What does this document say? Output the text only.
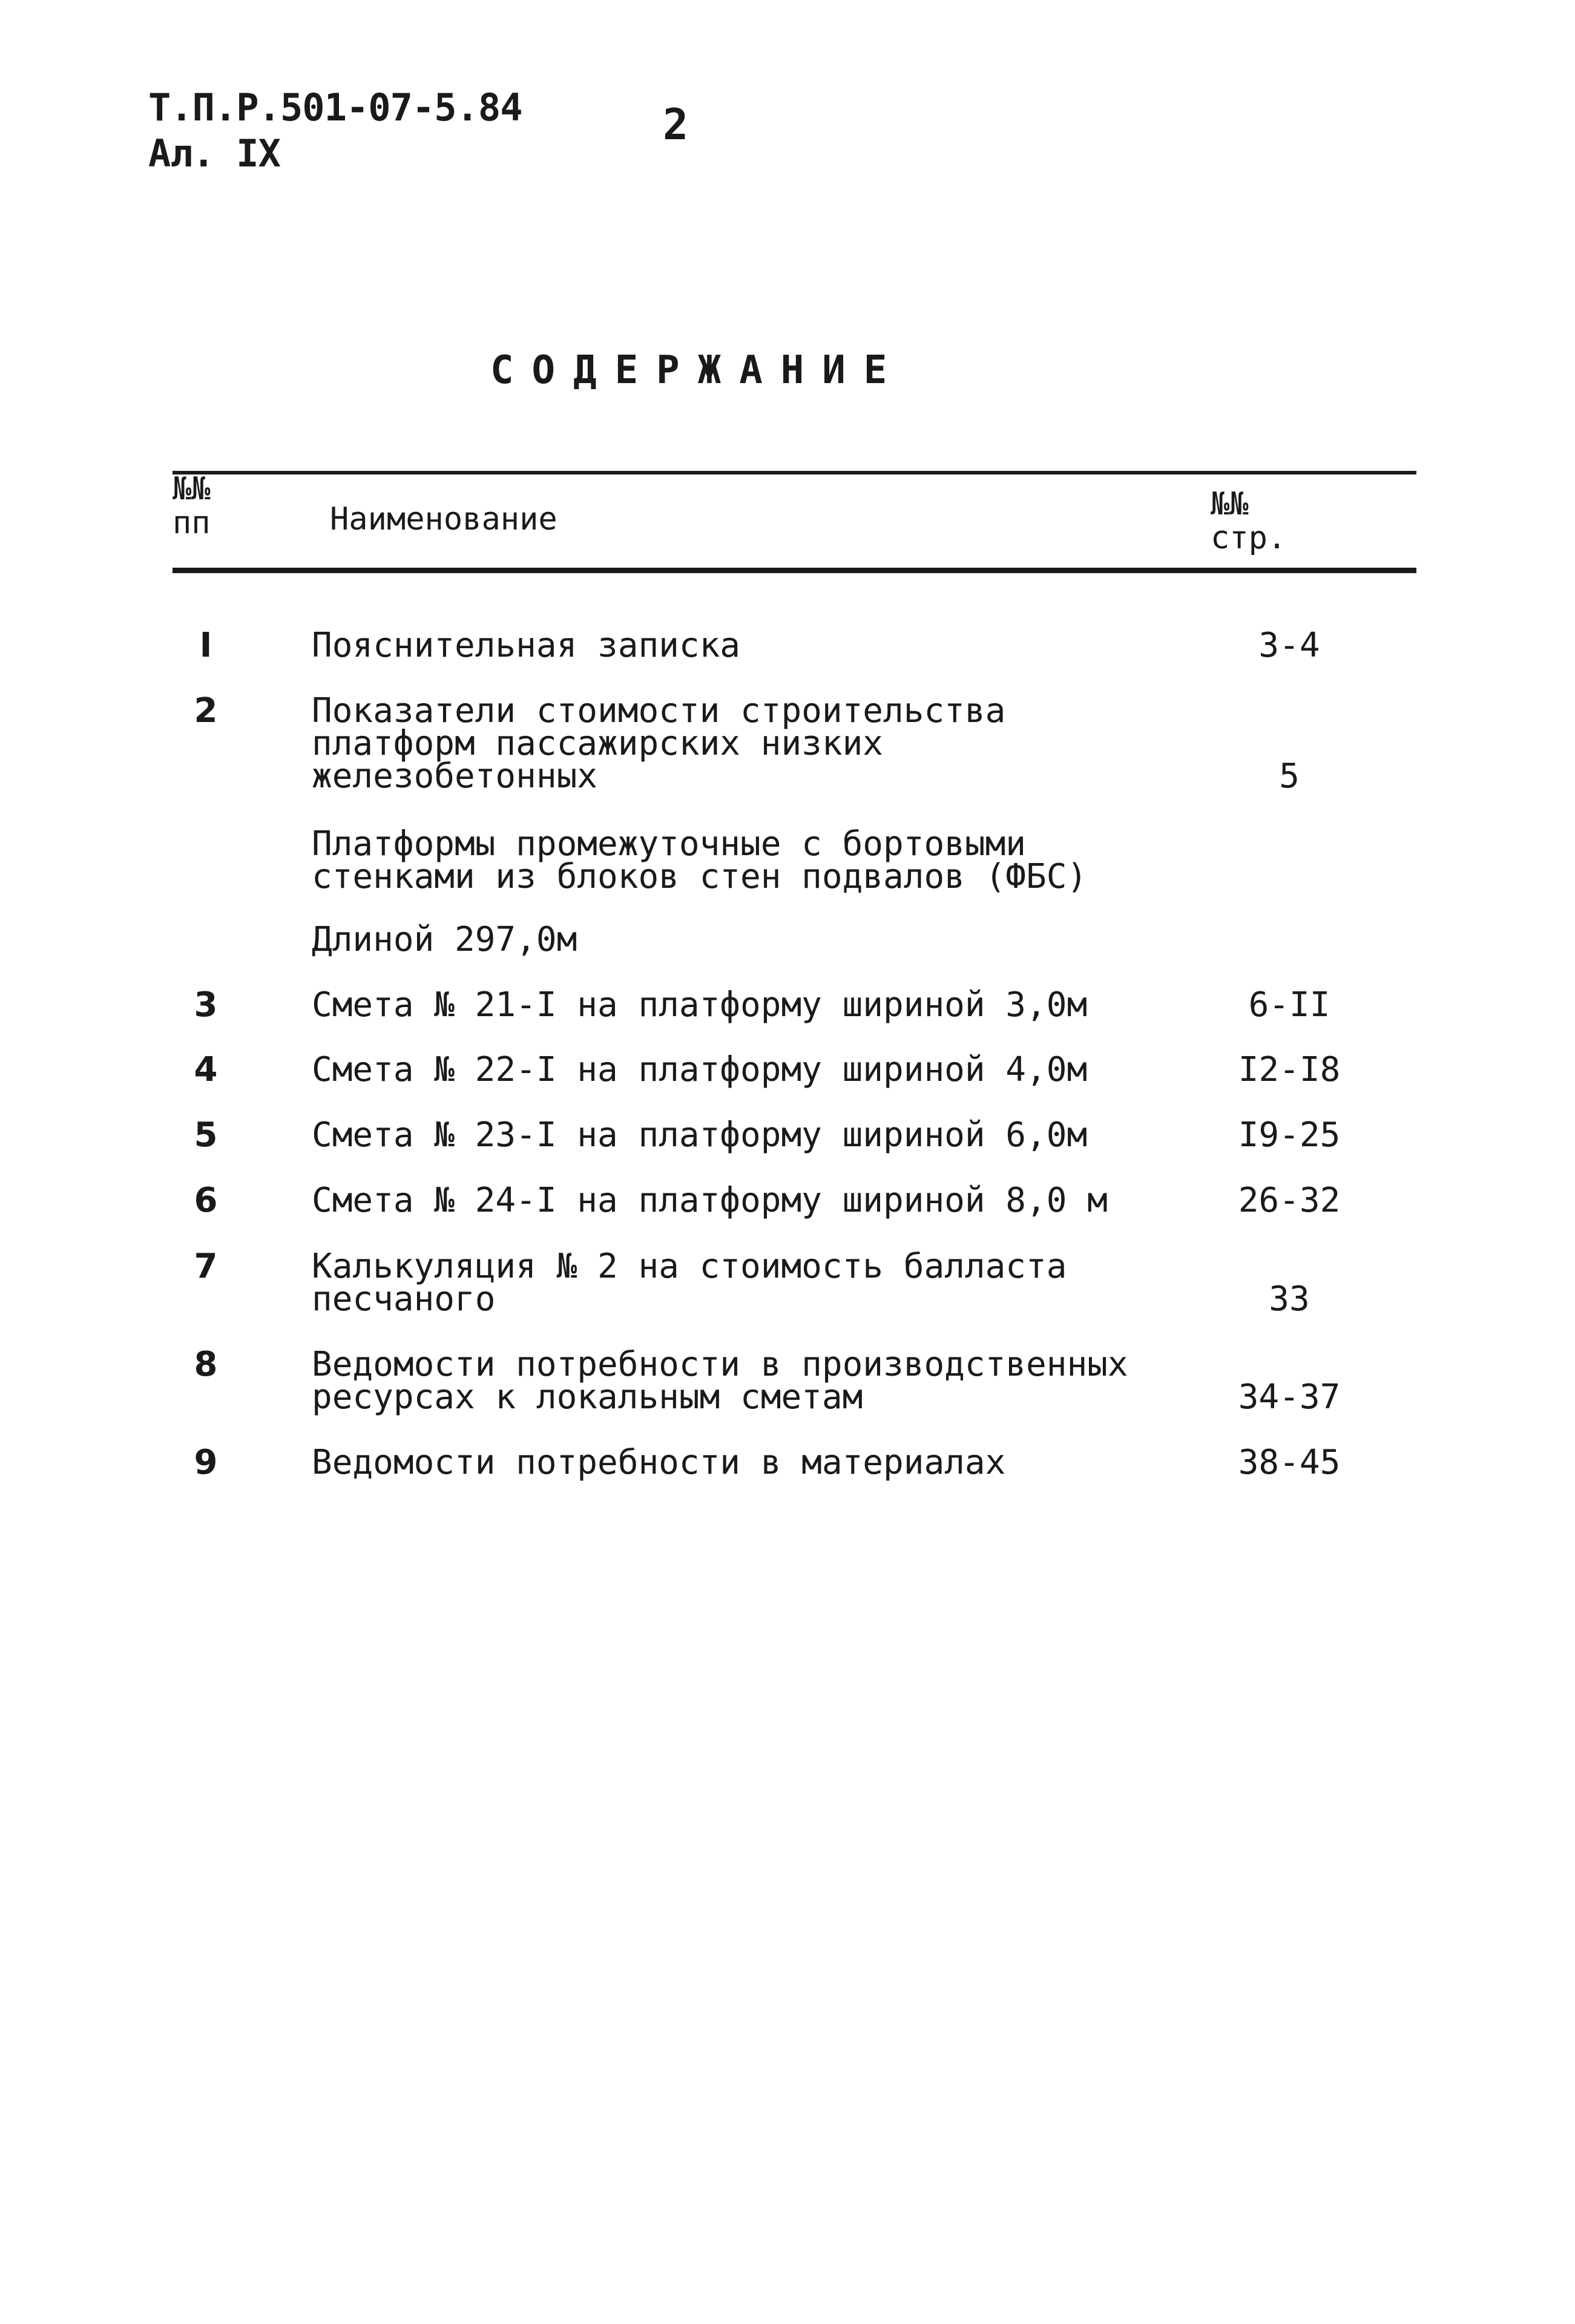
Т.П.Р.501-07-5.84
Ал. IX
2
СОДЕРЖАНИЕ
№№
пп	Наименование	№№
стр.
I	Пояснительная записка	3-4
2	Показатели стоимости строительства
платформ пассажирских низких
железобетонных	5
Платформы промежуточные с бортовыми
стенками из блоков стен подвалов (ФБС)
Длиной 297,0м
3	Смета № 21-I на платформу шириной 3,0м	6-II
4	Смета № 22-I на платформу шириной 4,0м	I2-I8
5	Смета № 23-I на платформу шириной 6,0м	I9-25
6	Смета № 24-I на платформу шириной 8,0 м	26-32
7	Калькуляция № 2 на стоимость балласта
песчаного	33
8	Ведомости потребности в производственных
ресурсах к локальным сметам	34-37
9	Ведомости потребности в материалах	38-45
